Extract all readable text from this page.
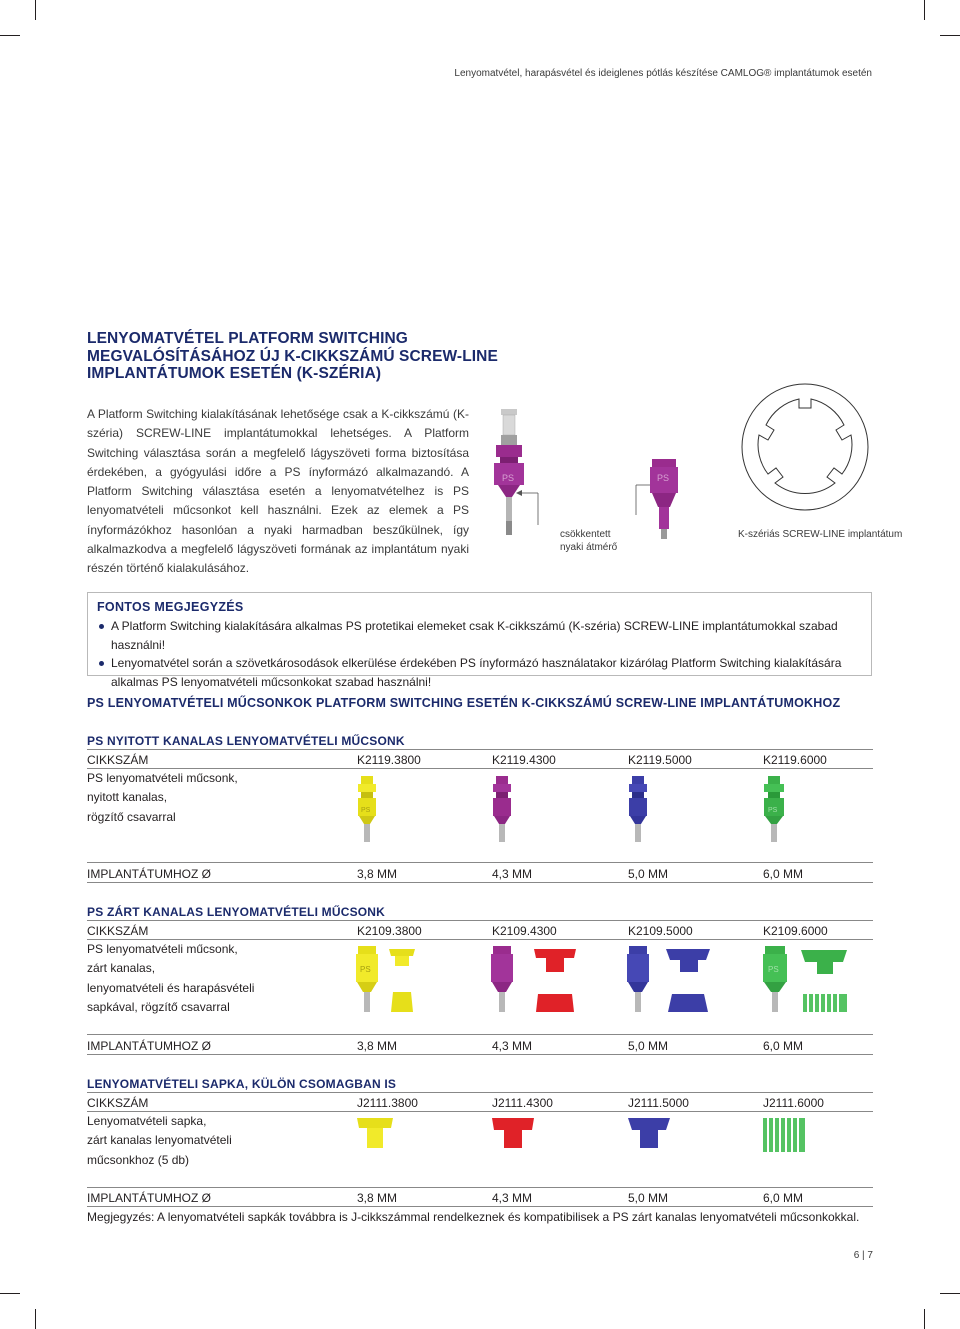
Lenyomatvétel, harapásvétel és ideiglenes pótlás készítése CAMLOG® implantátumok esetén
LENYOMATVÉTEL PLATFORM SWITCHING
MEGVALÓSÍTÁSÁHOZ ÚJ K-CIKKSZÁMÚ SCREW-LINE
IMPLANTÁTUMOK ESETÉN (K-SZÉRIA)
A Platform Switching kialakításának lehetősége csak a K-cikkszámú (K-széria) SCREW-LINE implantátumokkal lehetséges. A Platform Switching választása során a megfelelő lágyszöveti forma biztosítása érdekében, a gyógyulási időre a PS ínyformázó alkalmazandó. A Platform Switching választása esetén a lenyomatvételhez is PS lenyomatvételi műcsonkot kell használni. Ezek az elemek a PS ínyformázókhoz hasonlóan a nyaki harmadban beszűkülnek, így alkalmazkodva a megfelelő lágyszöveti formának az implantátum nyaki részén történő kialakulásához.
PS	PS
csökkentett
nyaki átmérő
K-szériás SCREW-LINE implantátum
FONTOS MEGJEGYZÉS
A Platform Switching kialakítására alkalmas PS protetikai elemeket csak K-cikkszámú (K-széria) SCREW-LINE implantátumokkal szabad használni!
Lenyomatvétel során a szövetkárosodások elkerülése érdekében PS ínyformázó használatakor kizárólag Platform Switching kialakítására alkalmas PS lenyomatvételi műcsonkokat szabad használni!
PS LENYOMATVÉTELI MŰCSONKOK PLATFORM SWITCHING ESETÉN K-CIKKSZÁMÚ SCREW-LINE IMPLANTÁTUMOKHOZ
PS NYITOTT KANALAS LENYOMATVÉTELI MŰCSONK
CIKKSZÁM	K2119.3800	K2119.4300	K2119.5000	K2119.6000
PS lenyomatvételi műcsonk,
nyitott kanalas,
rögzítő csavarral	PS	PS
IMPLANTÁTUMHOZ Ø	3,8 MM	4,3 MM	5,0 MM	6,0 MM
PS ZÁRT KANALAS LENYOMATVÉTELI MŰCSONK
CIKKSZÁM	K2109.3800	K2109.4300	K2109.5000	K2109.6000
PS lenyomatvételi műcsonk,
zárt kanalas,
lenyomatvételi és harapásvételi
sapkával, rögzítő csavarral
PS	PS
IMPLANTÁTUMHOZ Ø	3,8 MM	4,3 MM	5,0 MM	6,0 MM
LENYOMATVÉTELI SAPKA, KÜLÖN CSOMAGBAN IS
CIKKSZÁM	J2111.3800	J2111.4300	J2111.5000	J2111.6000
Lenyomatvételi sapka,
zárt kanalas lenyomatvételi
műcsonkhoz (5 db)
IMPLANTÁTUMHOZ Ø	3,8 MM	4,3 MM	5,0 MM	6,0 MM
Megjegyzés: A lenyomatvételi sapkák továbbra is J-cikkszámmal rendelkeznek és kompatibilisek a PS zárt kanalas lenyomatvételi műcsonkokkal.
6 | 7
